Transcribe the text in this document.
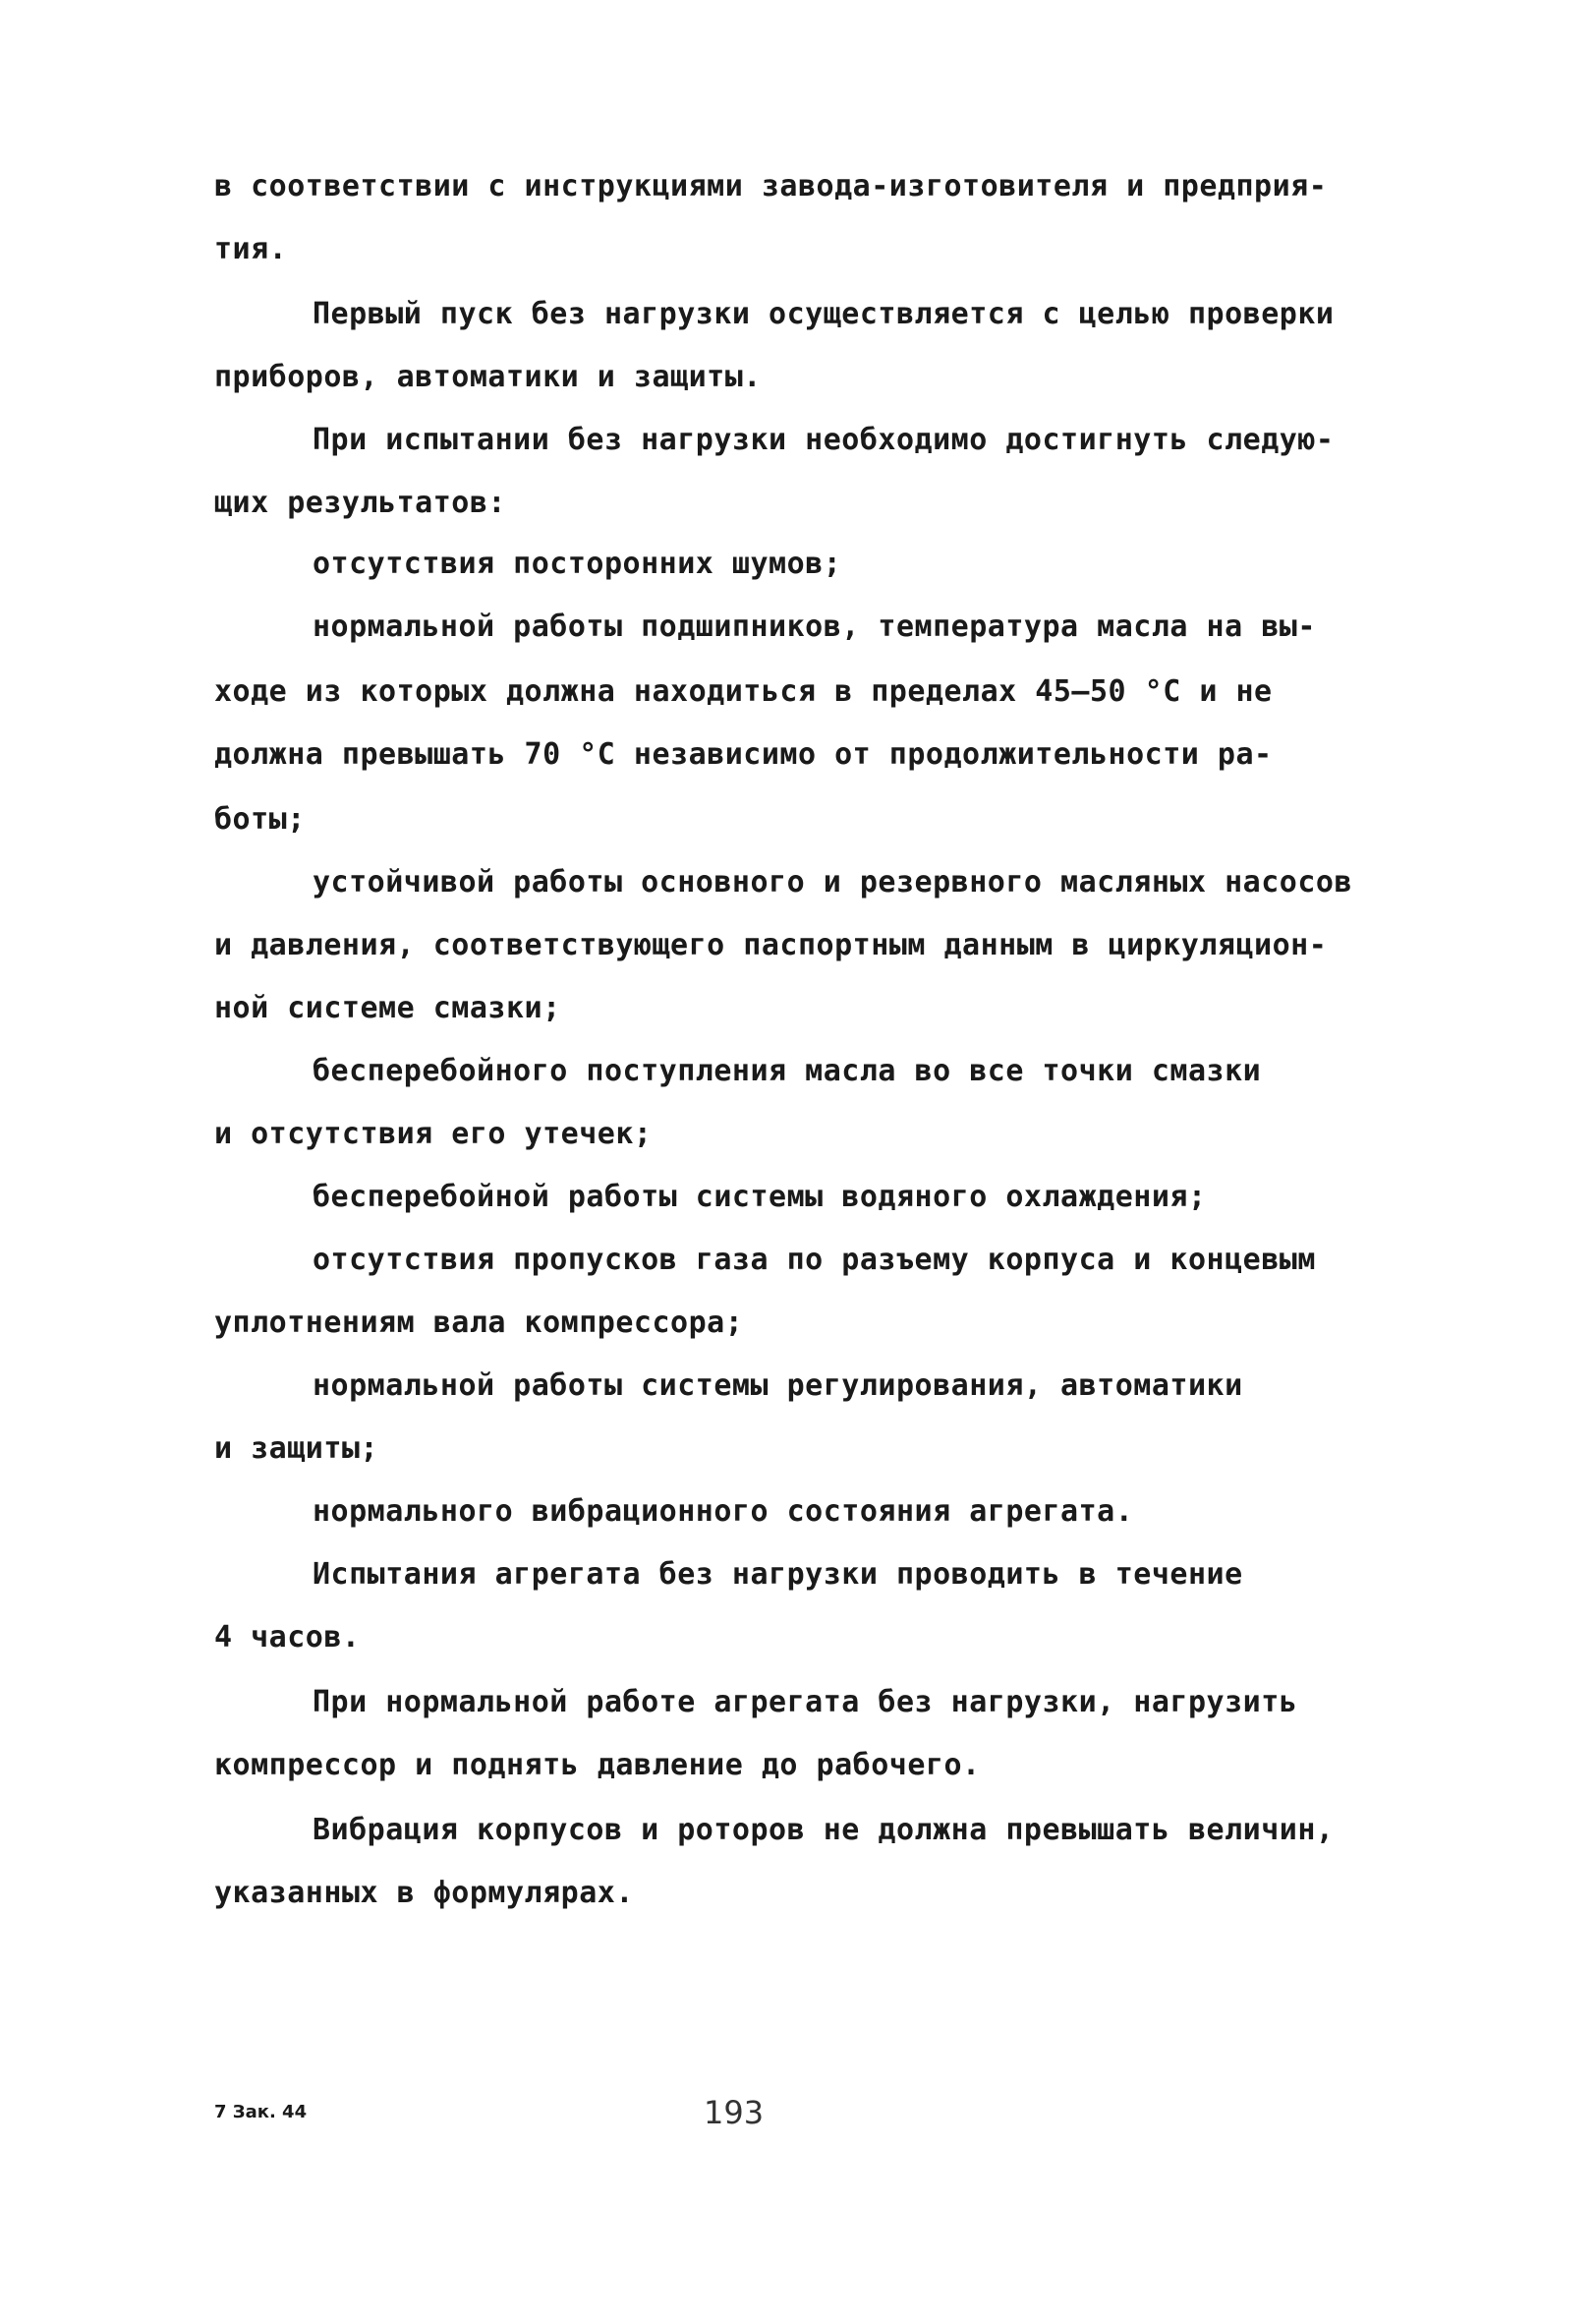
в соответствии с инструкциями завода-изготовителя и предприя-
тия.
Первый пуск без нагрузки осуществляется с целью проверки
приборов, автоматики и защиты.
При испытании без нагрузки необходимо достигнуть следую-
щих результатов:
отсутствия посторонних шумов;
нормальной работы подшипников, температура масла на вы-
ходе из которых должна находиться в пределах 45–50 °С и не
должна превышать 70 °С независимо от продолжительности ра-
боты;
устойчивой работы основного и резервного масляных насосов
и давления, соответствующего паспортным данным в циркуляцион-
ной системе смазки;
бесперебойного поступления масла во все точки смазки
и отсутствия его утечек;
бесперебойной работы системы водяного охлаждения;
отсутствия пропусков газа по разъему корпуса и концевым
уплотнениям вала компрессора;
нормальной работы системы регулирования, автоматики
и защиты;
нормального вибрационного состояния агрегата.
Испытания агрегата без нагрузки проводить в течение
4 часов.
При нормальной работе агрегата без нагрузки, нагрузить
компрессор и поднять давление до рабочего.
Вибрация корпусов и роторов не должна превышать величин,
указанных в формулярах.
7 Зак. 44	193
